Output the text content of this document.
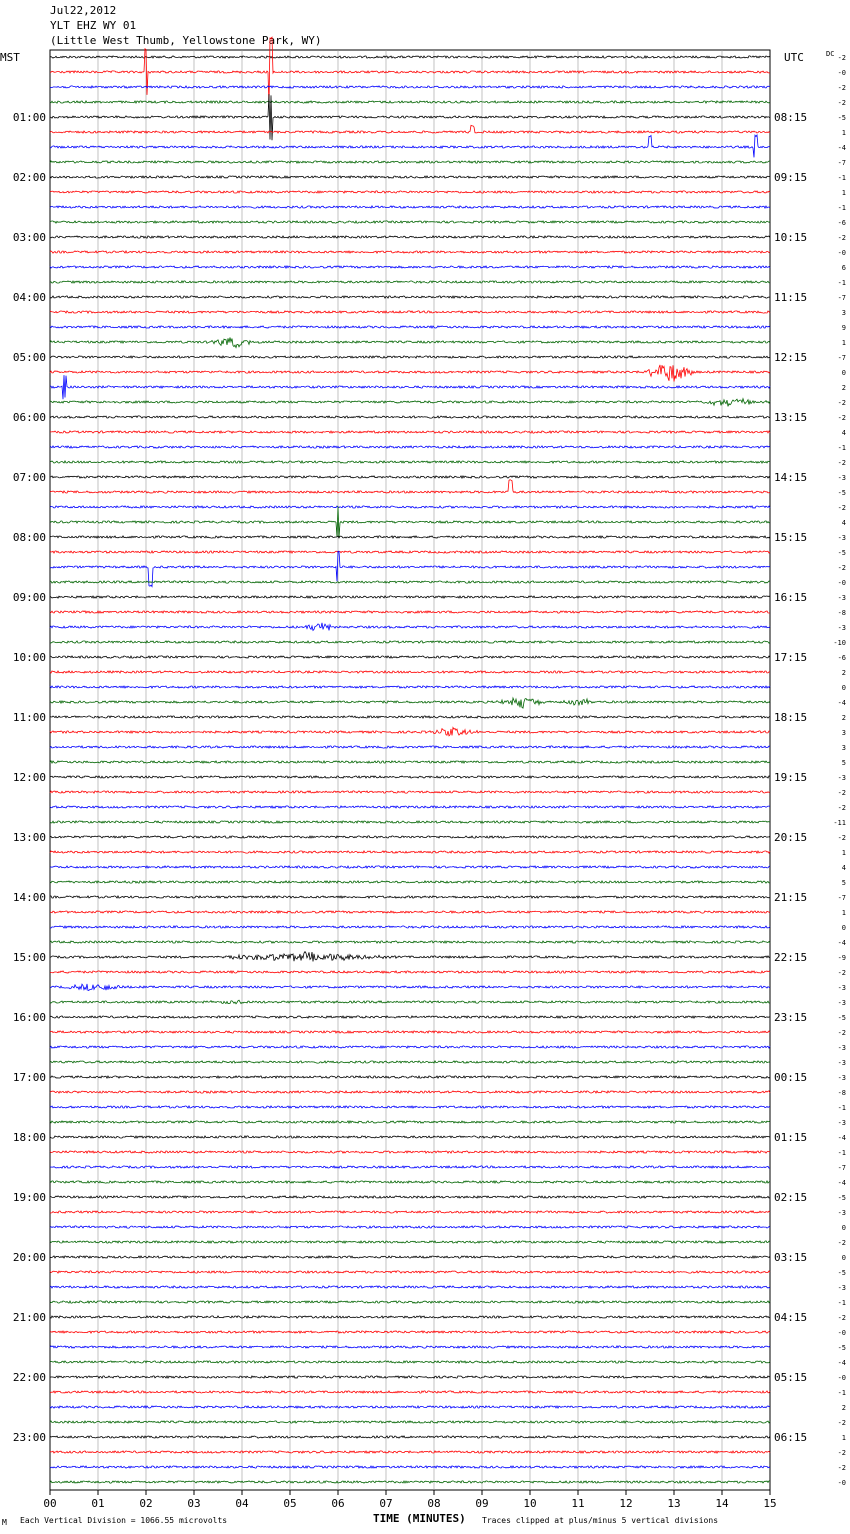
Jul22,2012
YLT EHZ WY 01
(Little West Thumb, Yellowstone Park, WY)
00	01	02	03	04	05	06	07	08	09	10	11	12	13	14	15
-2
-0
-2
-2
-5
1
-4
-7
-1
1
-1
-6
-2
-0
6
-1
-7
3
9
1
-7
0
2
-2
-2
4
-1
-2
-3
-5
-2
4
-3
-5
-2
-0
-3
-8
-3
-10
-6
2
0
-4
2
3
3
5
-3
-2
-2
-11
-2
1
4
5
-7
1
0
-4
-9
-2
-3
-3
-5
-2
-3
-3
-3
-8
-1
-3
-4
-1
-7
-4
-5
-3
0
-2
0
-5
-3
-1
-2
-0
-5
-4
-0
-1
2
-2
1
-2
-2
-0
01:00
02:00
03:00
04:00
05:00
06:00
07:00
08:00
09:00
10:00
11:00
12:00
13:00
14:00
15:00
16:00
17:00
18:00
19:00
20:00
21:00
22:00
23:00
08:15
09:15
10:15
11:15
12:15
13:15
14:15
15:15
16:15
17:15
18:15
19:15
20:15
21:15
22:15
23:15
00:15
01:15
02:15
03:15
04:15
05:15
06:15
MST	UTC	DC
M Each Vertical Division = 1066.55 microvolts	TIME (MINUTES) Traces clipped at plus/minus 5 vertical divisions
